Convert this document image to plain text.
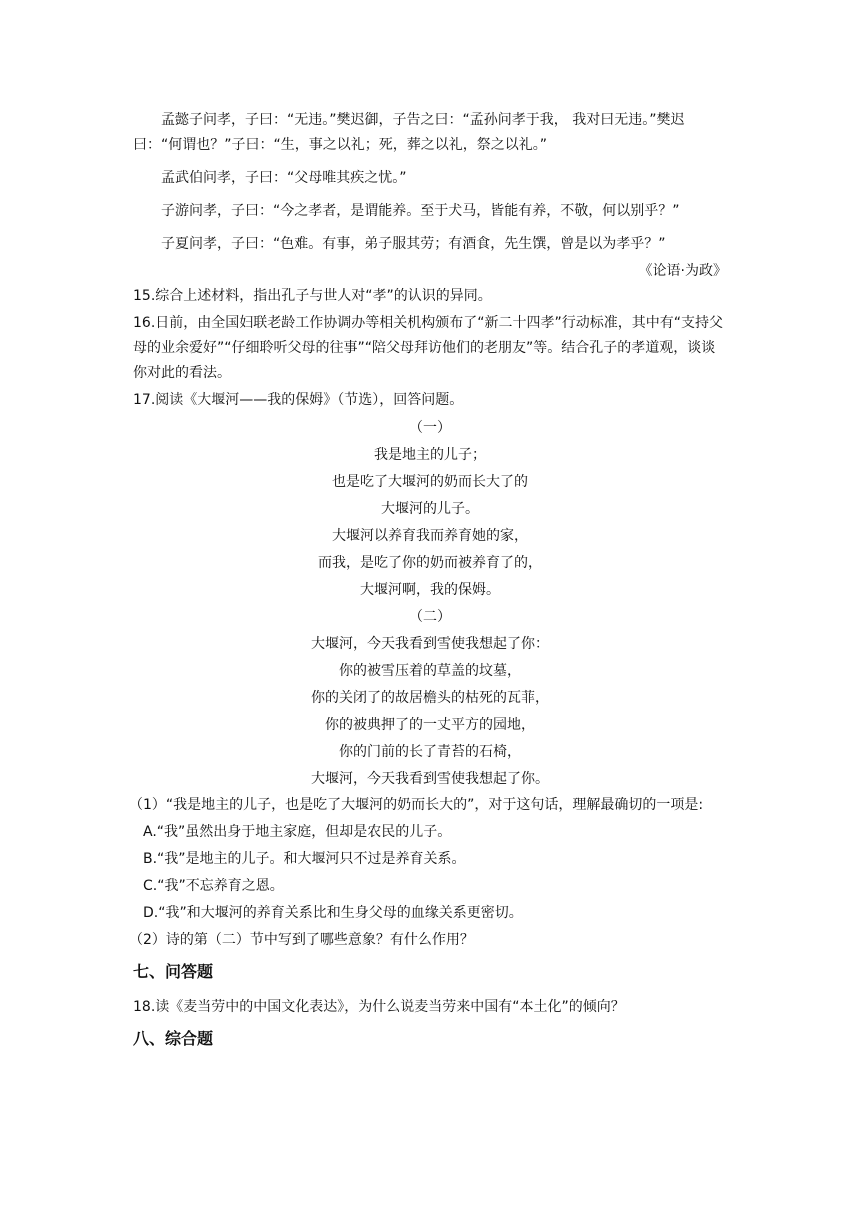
孟懿子问孝，子曰：“无违。”樊迟御，子告之曰：“孟孙问孝于我， 我对曰无违。”樊迟曰：“何谓也？”子曰：“生，事之以礼；死，葬之以礼，祭之以礼。”

孟武伯问孝，子曰：“父母唯其疾之忧。”

子游问孝，子曰：“今之孝者，是谓能养。至于犬马，皆能有养，不敬，何以别乎？”

子夏问孝，子曰：“色难。有事，弟子服其劳；有酒食，先生馔，曾是以为孝乎？”

《论语·为政》

15.综合上述材料，指出孔子与世人对“孝”的认识的异同。

16.日前，由全国妇联老龄工作协调办等相关机构颁布了“新二十四孝”行动标准，其中有“支持父母的业余爱好”“仔细聆听父母的往事”“陪父母拜访他们的老朋友”等。结合孔子的孝道观，谈谈你对此的看法。

17.阅读《大堰河——我的保姆》（节选），回答问题。

（一）

我是地主的儿子；

也是吃了大堰河的奶而长大了的

大堰河的儿子。

大堰河以养育我而养育她的家，

而我，是吃了你的奶而被养育了的，

大堰河啊，我的保姆。

（二）

大堰河，今天我看到雪使我想起了你：

你的被雪压着的草盖的坟墓，

你的关闭了的故居檐头的枯死的瓦菲，

你的被典押了的一丈平方的园地，

你的门前的长了青苔的石椅，

大堰河，今天我看到雪使我想起了你。

（1）“我是地主的儿子，也是吃了大堰河的奶而长大的”，对于这句话，理解最确切的一项是:

A.“我”虽然出身于地主家庭，但却是农民的儿子。

B.“我”是地主的儿子。和大堰河只不过是养育关系。

C.“我”不忘养育之恩。

D.“我”和大堰河的养育关系比和生身父母的血缘关系更密切。

（2）诗的第（二）节中写到了哪些意象？有什么作用？

七、问答题

18.读《麦当劳中的中国文化表达》，为什么说麦当劳来中国有“本土化”的倾向？

八、综合题
